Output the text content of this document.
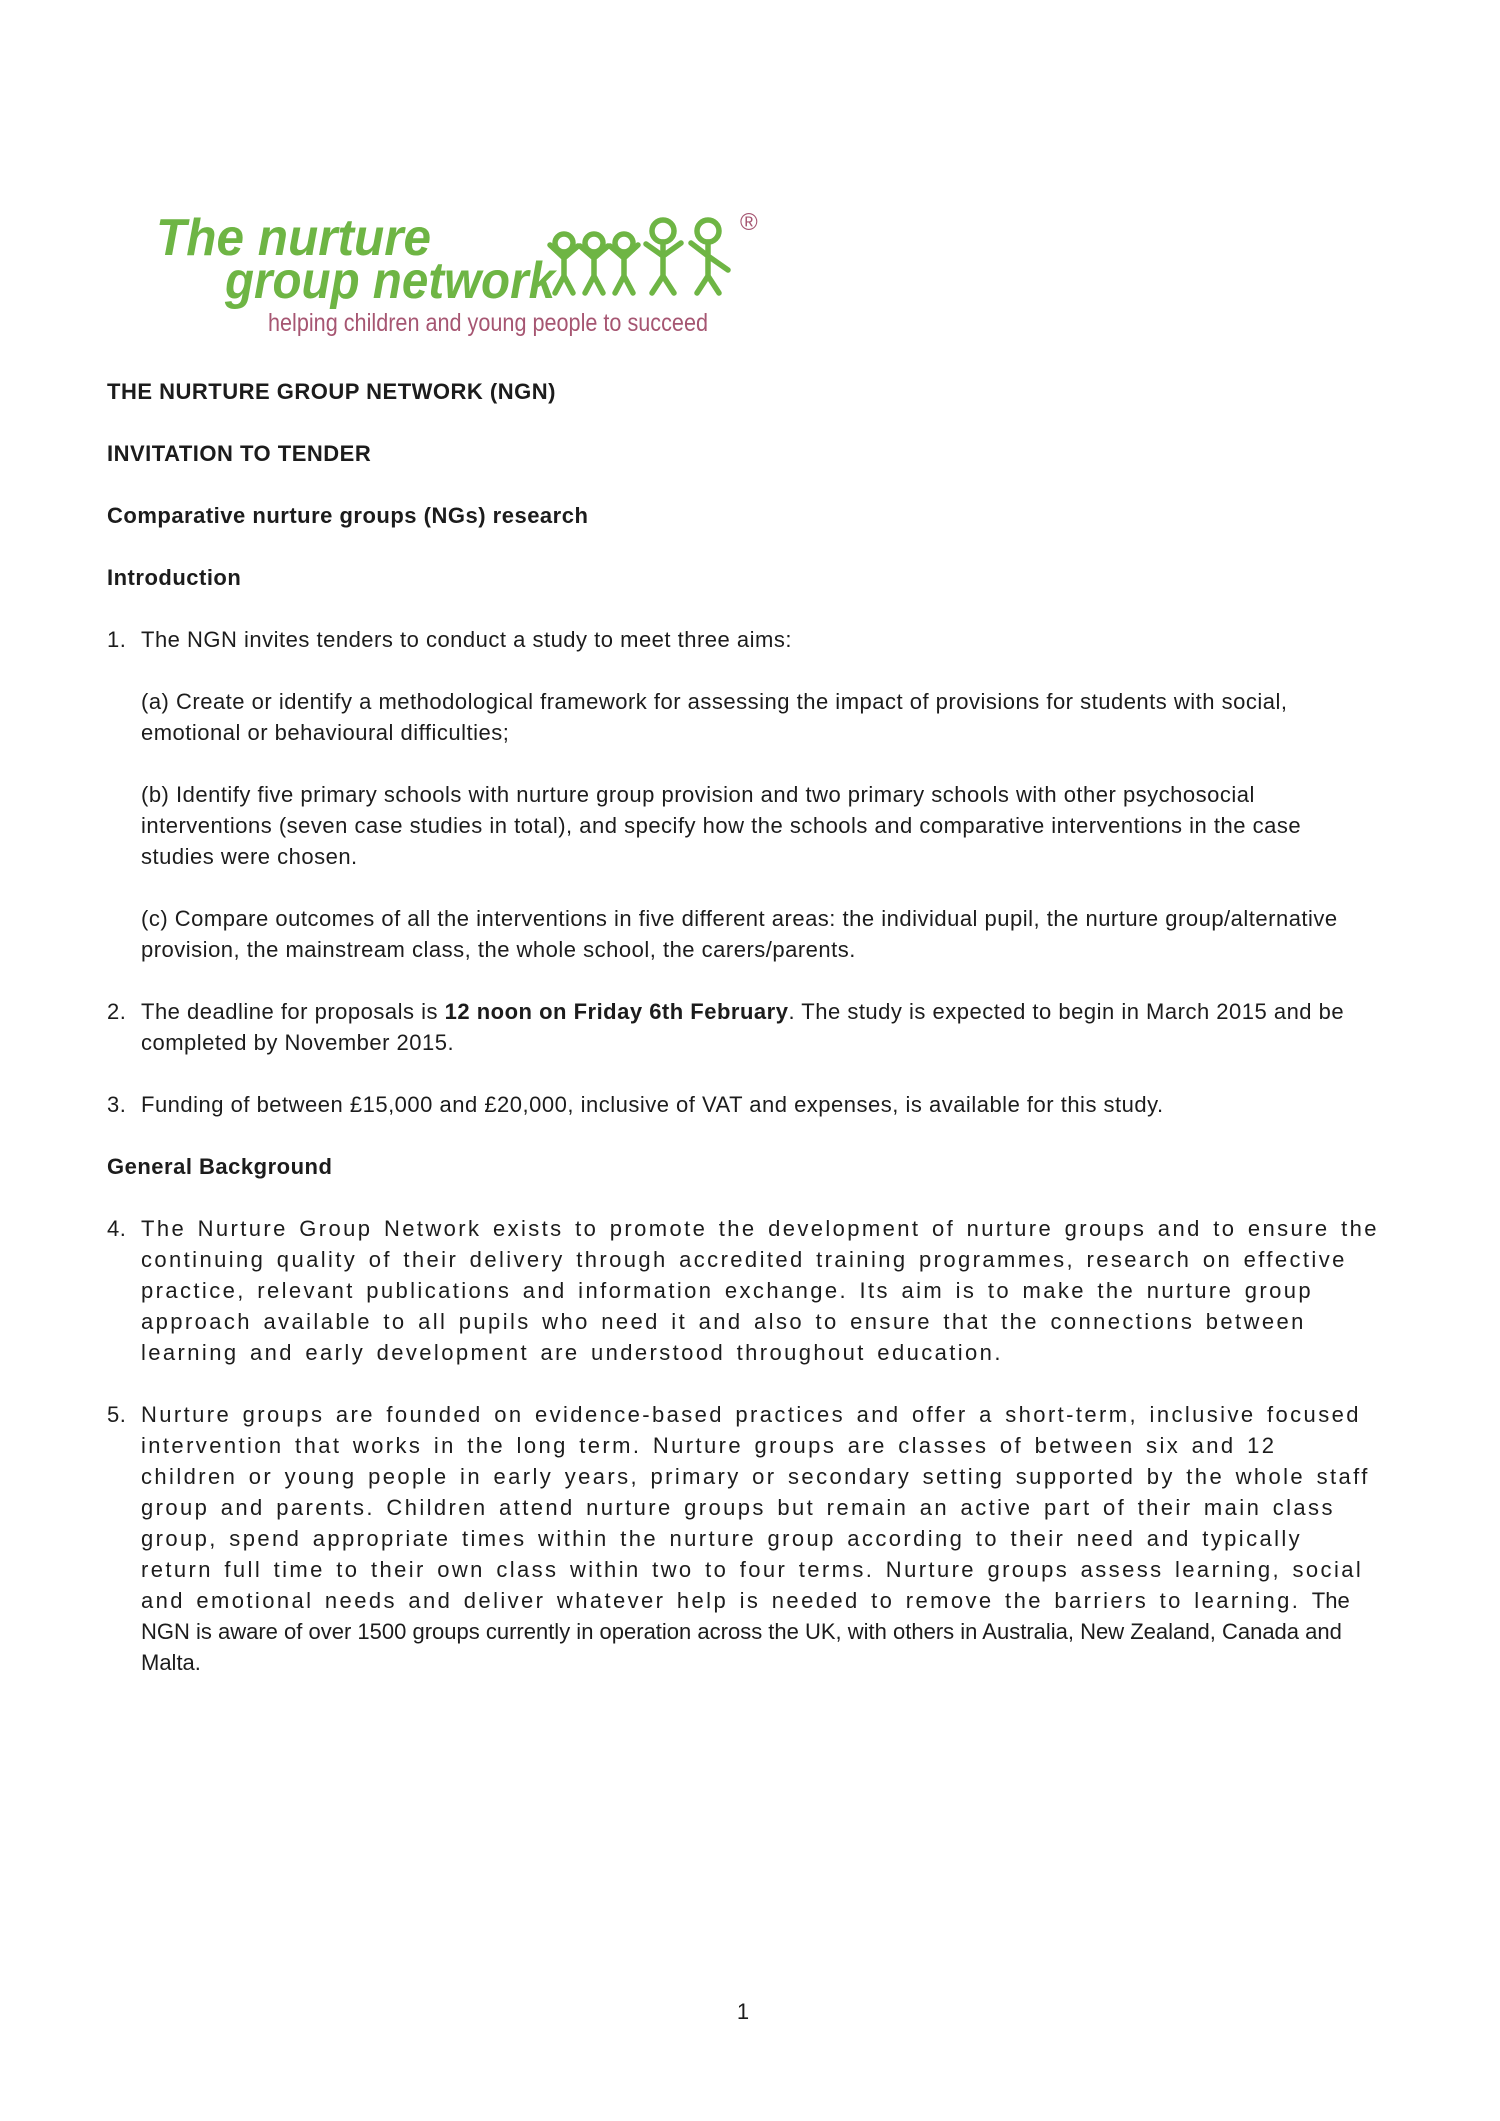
The nurture
group network
®
helping children and young people to succeed
THE NURTURE GROUP NETWORK (NGN)
INVITATION TO TENDER
Comparative nurture groups (NGs) research
Introduction
1. The NGN invites tenders to conduct a study to meet three aims:
(a) Create or identify a methodological framework for assessing the impact of provisions for students with social, emotional or behavioural difficulties;
(b) Identify five primary schools with nurture group provision and two primary schools with other psychosocial interventions (seven case studies in total), and specify how the schools and comparative interventions in the case studies were chosen.
(c) Compare outcomes of all the interventions in five different areas: the individual pupil, the nurture group/alternative provision, the mainstream class, the whole school, the carers/parents.
2. The deadline for proposals is 12 noon on Friday 6th February. The study is expected to begin in March 2015 and be completed by November 2015.
3. Funding of between £15,000 and £20,000, inclusive of VAT and expenses, is available for this study.
General Background
4. The Nurture Group Network exists to promote the development of nurture groups and to ensure the continuing quality of their delivery through accredited training programmes, research on effective practice, relevant publications and information exchange. Its aim is to make the nurture group approach available to all pupils who need it and also to ensure that the connections between learning and early development are understood throughout education.
5. Nurture groups are founded on evidence-based practices and offer a short-term, inclusive focused intervention that works in the long term. Nurture groups are classes of between six and 12 children or young people in early years, primary or secondary setting supported by the whole staff group and parents. Children attend nurture groups but remain an active part of their main class group, spend appropriate times within the nurture group according to their need and typically return full time to their own class within two to four terms. Nurture groups assess learning, social and emotional needs and deliver whatever help is needed to remove the barriers to learning. The NGN is aware of over 1500 groups currently in operation across the UK, with others in Australia, New Zealand, Canada and Malta.
1
